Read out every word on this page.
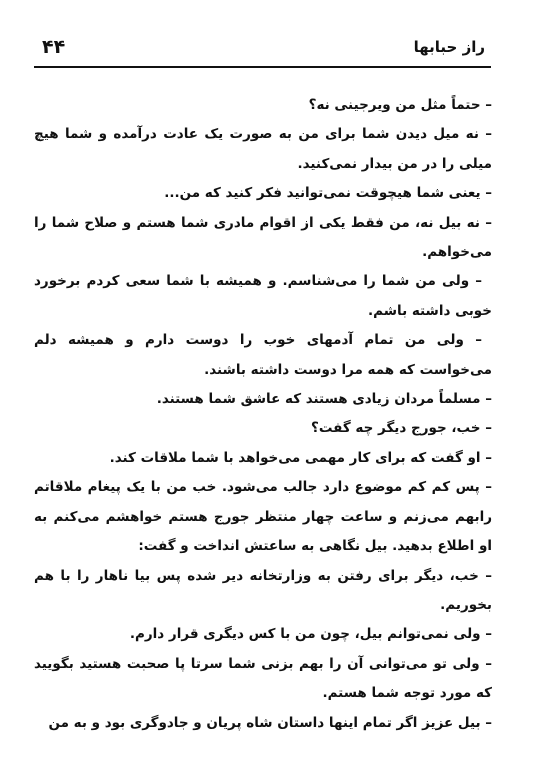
۴۴	راز حبابها

– حتماً مثل من ویرجینی نه؟

– نه میل دیدن شما برای من به صورت یک عادت درآمده و شما هیچ میلی را در من بیدار نمی‌کنید.

– یعنی شما هیچوقت نمی‌توانید فکر کنید که من...

– نه بیل نه، من فقط یکی از اقوام مادری شما هستم و صلاح شما را می‌خواهم.

– ولی من شما را می‌شناسم. و همیشه با شما سعی کردم برخورد خوبی داشته باشم.

– ولی من تمام آدمهای خوب را دوست دارم و همیشه دلم می‌خواست که همه مرا دوست داشته باشند.

– مسلماً مردان زیادی هستند که عاشق شما هستند.

– خب، جورج دیگر چه گفت؟

– او گفت که برای کار مهمی می‌خواهد با شما ملاقات کند.

– پس کم کم موضوع دارد جالب می‌شود. خب من با یک پیغام ملاقاتم رابهم می‌زنم و ساعت چهار منتظر جورج هستم خواهشم می‌کنم به او اطلاع بدهید. بیل نگاهی به ساعتش انداخت و گفت:

– خب، دیگر برای رفتن به وزارتخانه دیر شده پس بیا ناهار را با هم بخوریم.

– ولی نمی‌توانم بیل، چون من با کس دیگری قرار دارم.

– ولی تو می‌توانی آن را بهم بزنی شما سرتا پا صحبت هستید بگویید که مورد توجه شما هستم.

– بیل عزیز اگر تمام اینها داستان شاه پریان و جادوگری بود و به من
